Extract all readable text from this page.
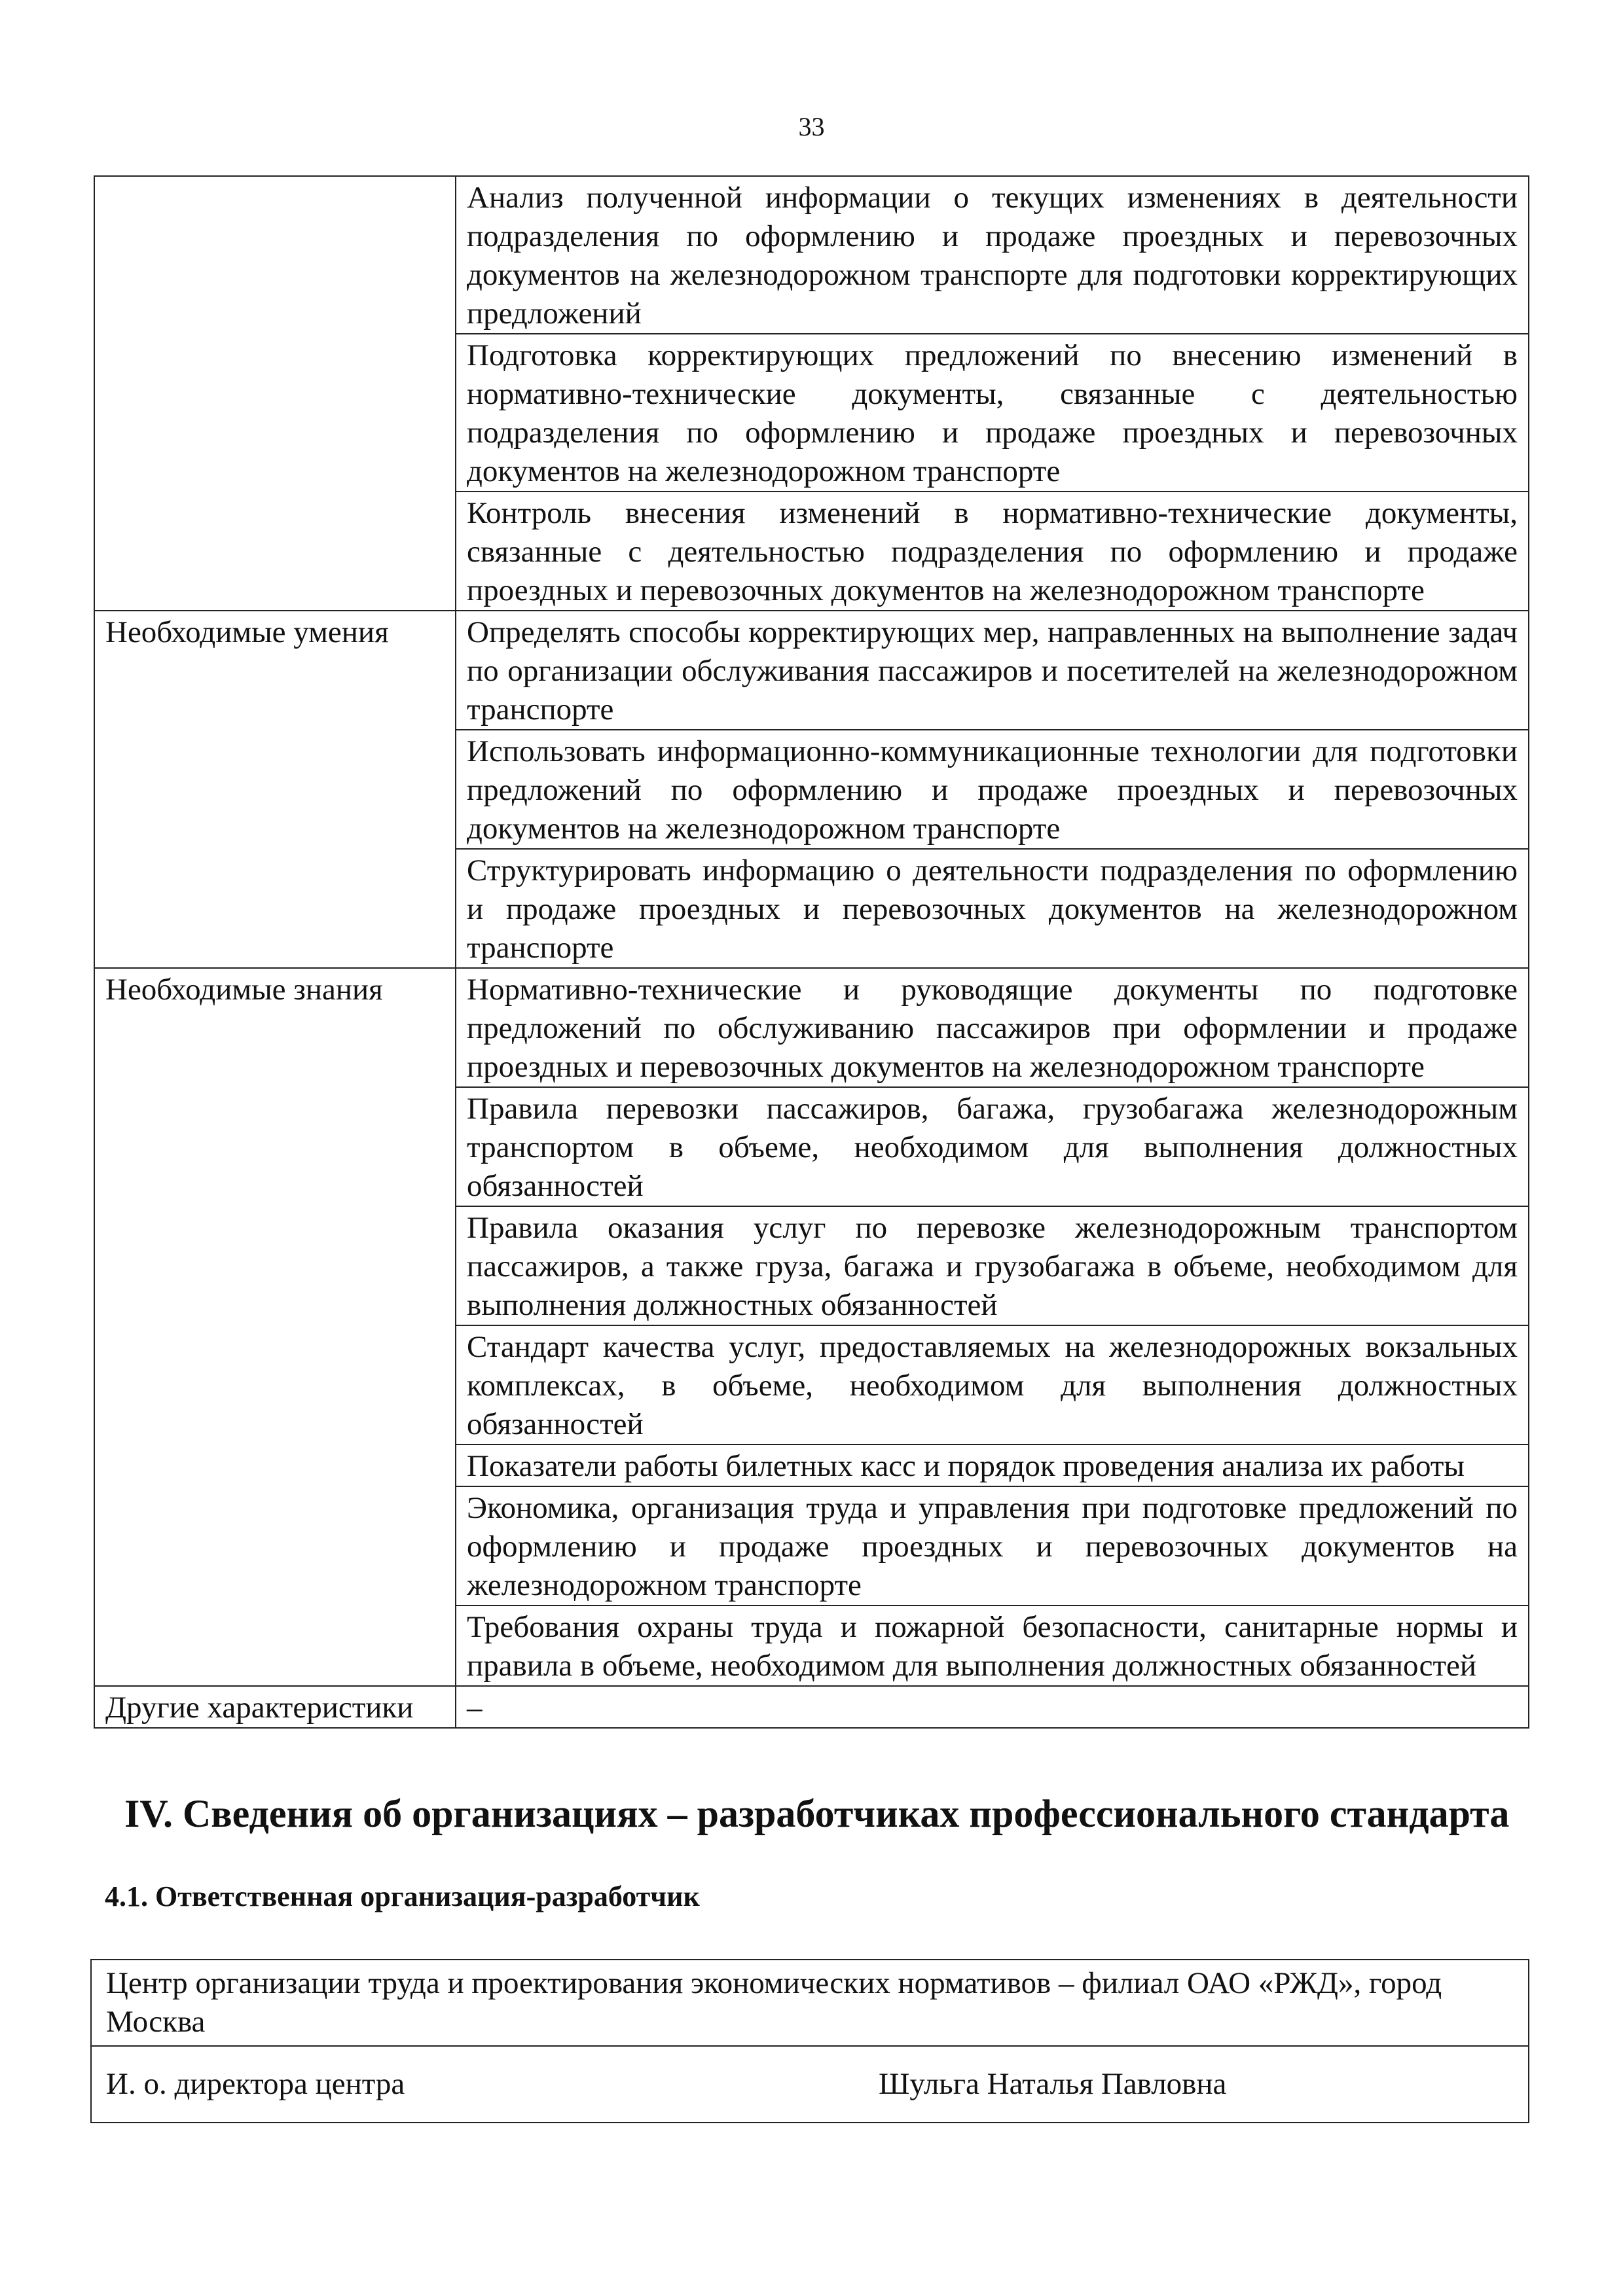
33
	Анализ полученной информации о текущих изменениях в деятельности подразделения по оформлению и продаже проездных и перевозочных документов на железнодорожном транспорте для подготовки корректирующих предложений
	Подготовка корректирующих предложений по внесению изменений в нормативно-технические документы, связанные с деятельностью подразделения по оформлению и продаже проездных и перевозочных документов на железнодорожном транспорте
	Контроль внесения изменений в нормативно-технические документы, связанные с деятельностью подразделения по оформлению и продаже проездных и перевозочных документов на железнодорожном транспорте
Необходимые умения	Определять способы корректирующих мер, направленных на выполнение задач по организации обслуживания пассажиров и посетителей на железнодорожном транспорте
	Использовать информационно-коммуникационные технологии для подготовки предложений по оформлению и продаже проездных и перевозочных документов на железнодорожном транспорте
	Структурировать информацию о деятельности подразделения по оформлению и продаже проездных и перевозочных документов на железнодорожном транспорте
Необходимые знания	Нормативно-технические и руководящие документы по подготовке предложений по обслуживанию пассажиров при оформлении и продаже проездных и перевозочных документов на железнодорожном транспорте
	Правила перевозки пассажиров, багажа, грузобагажа железнодорожным транспортом в объеме, необходимом для выполнения должностных обязанностей
	Правила оказания услуг по перевозке железнодорожным транспортом пассажиров, а также груза, багажа и грузобагажа в объеме, необходимом для выполнения должностных обязанностей
	Стандарт качества услуг, предоставляемых на железнодорожных вокзальных комплексах, в объеме, необходимом для выполнения должностных обязанностей
	Показатели работы билетных касс и порядок проведения анализа их работы
	Экономика, организация труда и управления при подготовке предложений по оформлению и продаже проездных и перевозочных документов на железнодорожном транспорте
	Требования охраны труда и пожарной безопасности, санитарные нормы и правила в объеме, необходимом для выполнения должностных обязанностей
Другие характеристики	–
IV. Сведения об организациях – разработчиках профессионального стандарта
4.1. Ответственная организация-разработчик
Центр организации труда и проектирования экономических нормативов – филиал ОАО «РЖД», город Москва
И. о. директора центра	Шульга Наталья Павловна
